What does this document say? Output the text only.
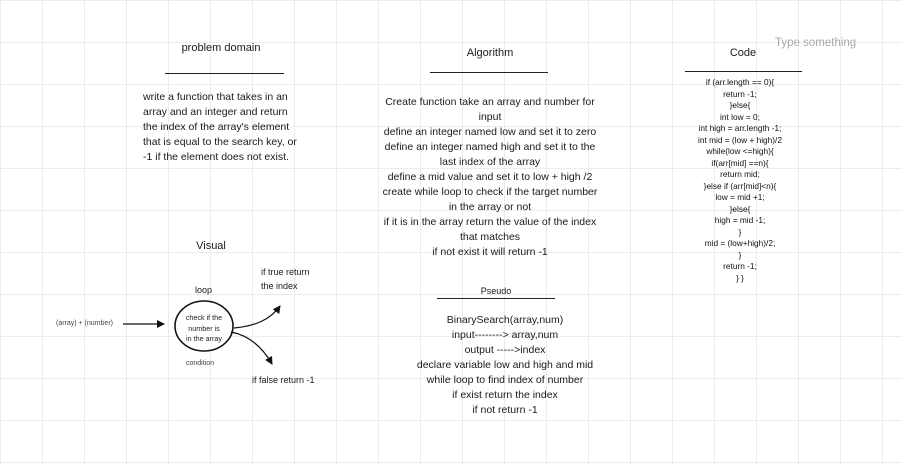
Type something
problem domain
write a function that takes in an
array and an integer and return
the index of the array's element
that is equal to the search key, or
-1 if the element does not exist.
Algorithm
Create function take an array and number for
input
define an integer named low and set it to zero
define an integer named high and set it to the
last index of the array
define a mid value and set it to low + high /2
create while loop to check if the target number
in the array or not
if it is in the array return the value of the index
that matches
if not exist it will return -1
Code
if (arr.length == 0){
return -1;
}else{
int low = 0;
int high = arr.length -1;
int mid = (low + high)/2
while(low <=high){
if(arr[mid] ==n){
return mid;
}else if (arr[mid]<n){
low = mid +1;
}else{
high = mid -1;
}
mid = (low+high)/2;
}
return -1;
} }
Visual
loop
(array) + (number)
check if the
number is
in the array
condition
if true return
the index
if false return -1
Pseudo
BinarySearch(array,num)
input--------> array,num
output ----->index
declare variable low and high and mid
while loop to find index of number
if exist return the index
if not return -1
